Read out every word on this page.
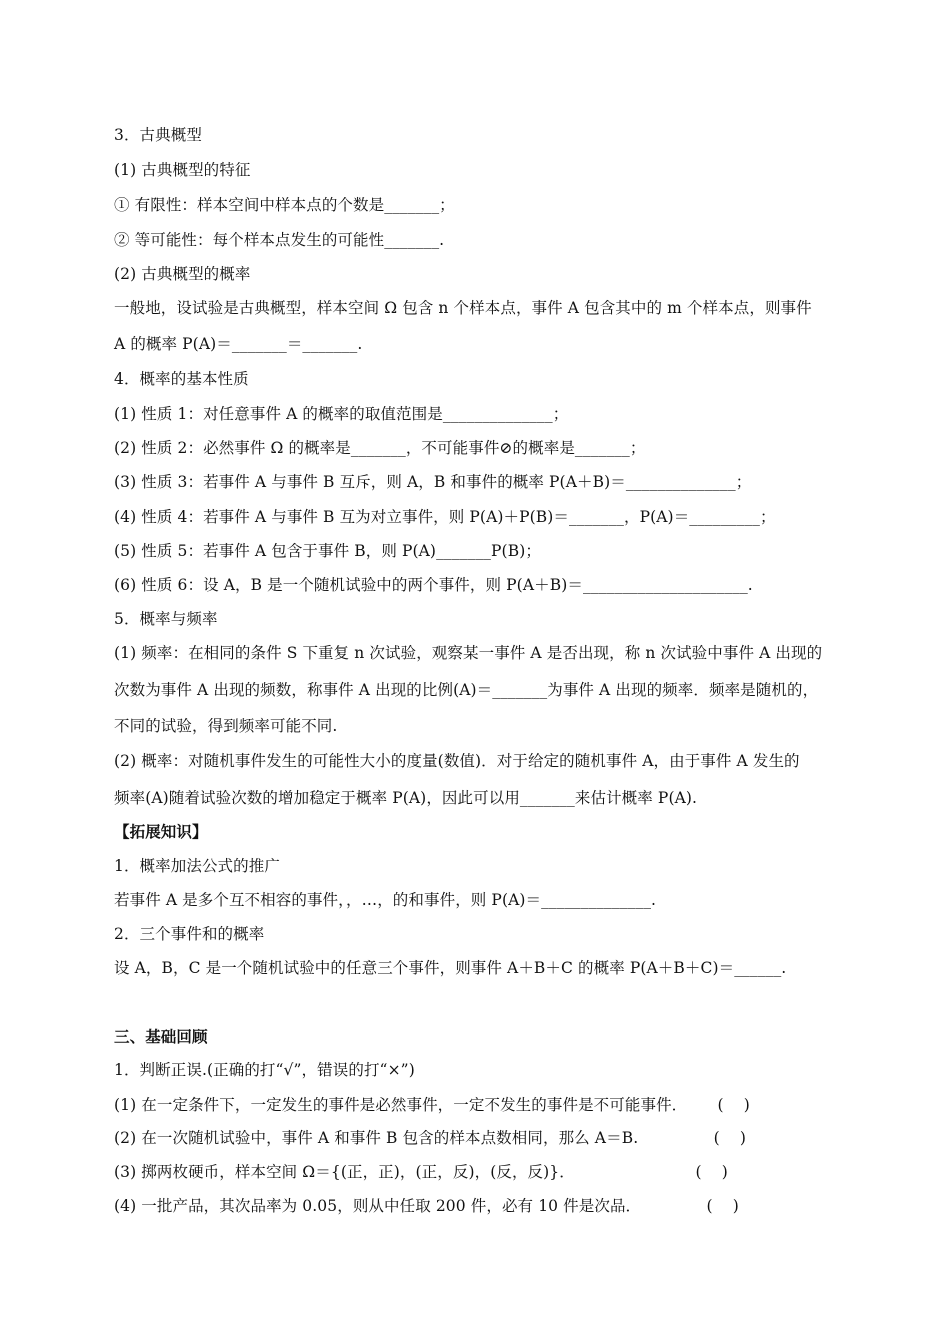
3．古典概型
(1) 古典概型的特征
① 有限性：样本空间中样本点的个数是_______；
② 等可能性：每个样本点发生的可能性_______.
(2) 古典概型的概率
一般地，设试验是古典概型，样本空间 Ω 包含 n 个样本点，事件 A 包含其中的 m 个样本点，则事件
A 的概率 P(A)＝_______＝_______.
4．概率的基本性质
(1) 性质 1：对任意事件 A 的概率的取值范围是______________；
(2) 性质 2：必然事件 Ω 的概率是_______，不可能事件⊘的概率是_______；
(3) 性质 3：若事件 A 与事件 B 互斥，则 A，B 和事件的概率 P(A＋B)＝______________；
(4) 性质 4：若事件 A 与事件 B 互为对立事件，则 P(A)＋P(B)＝_______，P(A)＝_________；
(5) 性质 5：若事件 A 包含于事件 B，则 P(A)_______P(B)；
(6) 性质 6：设 A，B 是一个随机试验中的两个事件，则 P(A＋B)＝_____________________.
5．概率与频率
(1) 频率：在相同的条件 S 下重复 n 次试验，观察某一事件 A 是否出现，称 n 次试验中事件 A 出现的
次数为事件 A 出现的频数，称事件 A 出现的比例(A)＝_______为事件 A 出现的频率．频率是随机的，
不同的试验，得到频率可能不同.
(2) 概率：对随机事件发生的可能性大小的度量(数值)．对于给定的随机事件 A，由于事件 A 发生的
频率(A)随着试验次数的增加稳定于概率 P(A)，因此可以用_______来估计概率 P(A).
【拓展知识】
1．概率加法公式的推广
若事件 A 是多个互不相容的事件，，…，的和事件，则 P(A)＝______________.
2．三个事件和的概率
设 A，B，C 是一个随机试验中的任意三个事件，则事件 A＋B＋C 的概率 P(A＋B＋C)＝______.
三、基础回顾
1．判断正误.(正确的打“√”，错误的打“×”)
(1) 在一定条件下，一定发生的事件是必然事件，一定不发生的事件是不可能事件．      (    )
(2) 在一次随机试验中，事件 A 和事件 B 包含的样本点数相同，那么 A＝B.               (    )
(3) 掷两枚硬币，样本空间 Ω＝{(正，正)，(正，反)，(反，反)}．                        (    )
(4) 一批产品，其次品率为 0.05，则从中任取 200 件，必有 10 件是次品．             (    )
